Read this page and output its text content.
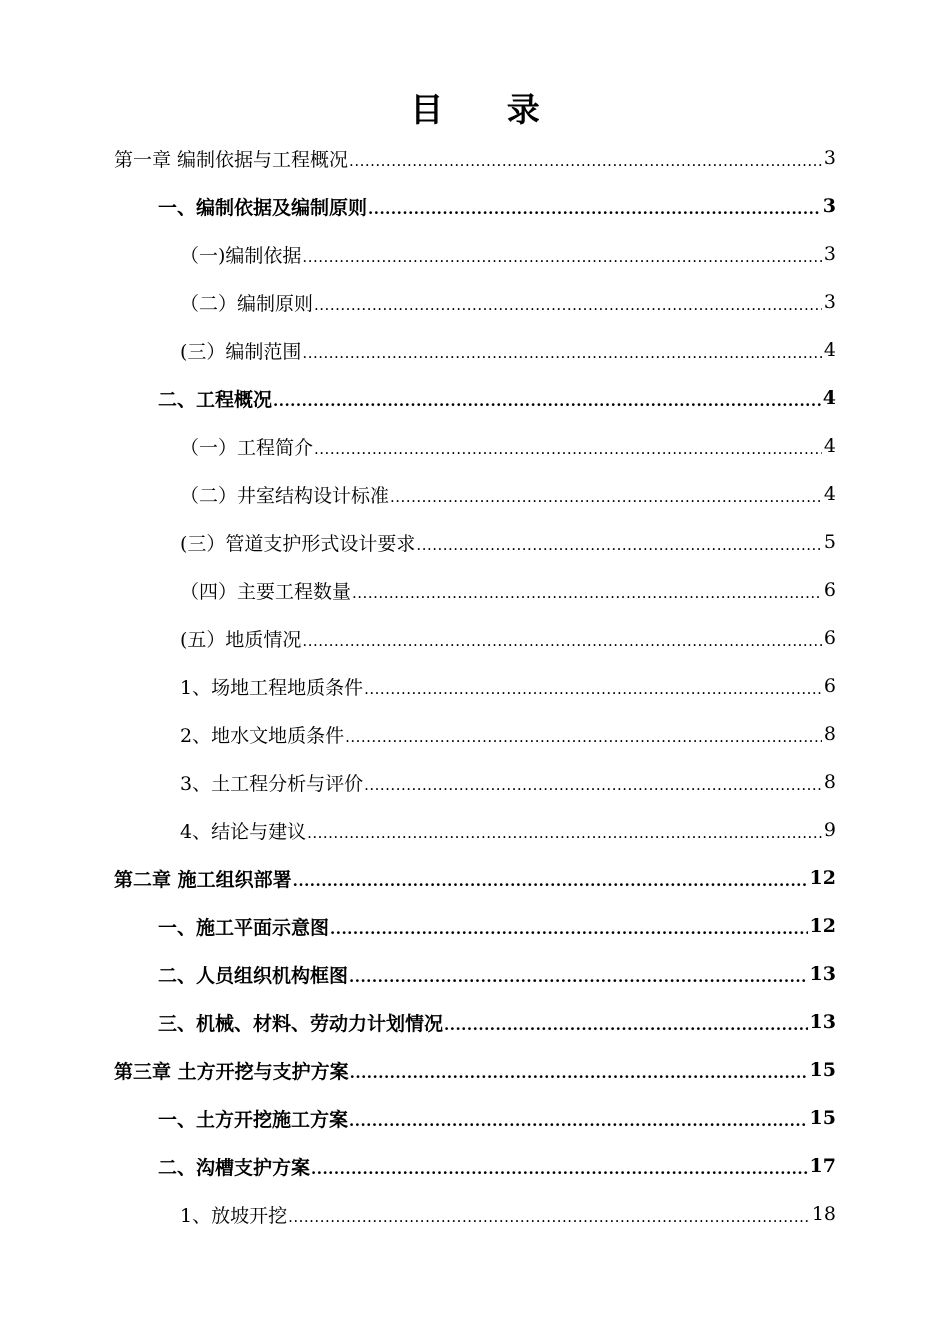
目 录
第一章 编制依据与工程概况 .....	3
一、编制依据及编制原则 .....	3
（一)编制依据 .....	3
（二）编制原则 .....	3
(三）编制范围 .....	4
二、工程概况 .....	4
（一）工程简介 .....	4
（二）井室结构设计标准 .....	4
(三）管道支护形式设计要求 .....	5
（四）主要工程数量 .....	6
(五）地质情况 .....	6
1、场地工程地质条件 .....	6
2、地水文地质条件 .....	8
3、土工程分析与评价 .....	8
4、结论与建议 .....	9
第二章 施工组织部署 .....	12
一、施工平面示意图 .....	12
二、人员组织机构框图 .....	13
三、机械、材料、劳动力计划情况 .....	13
第三章 土方开挖与支护方案 .....	15
一、土方开挖施工方案 .....	15
二、沟槽支护方案 .....	17
1、放坡开挖 .....	18
